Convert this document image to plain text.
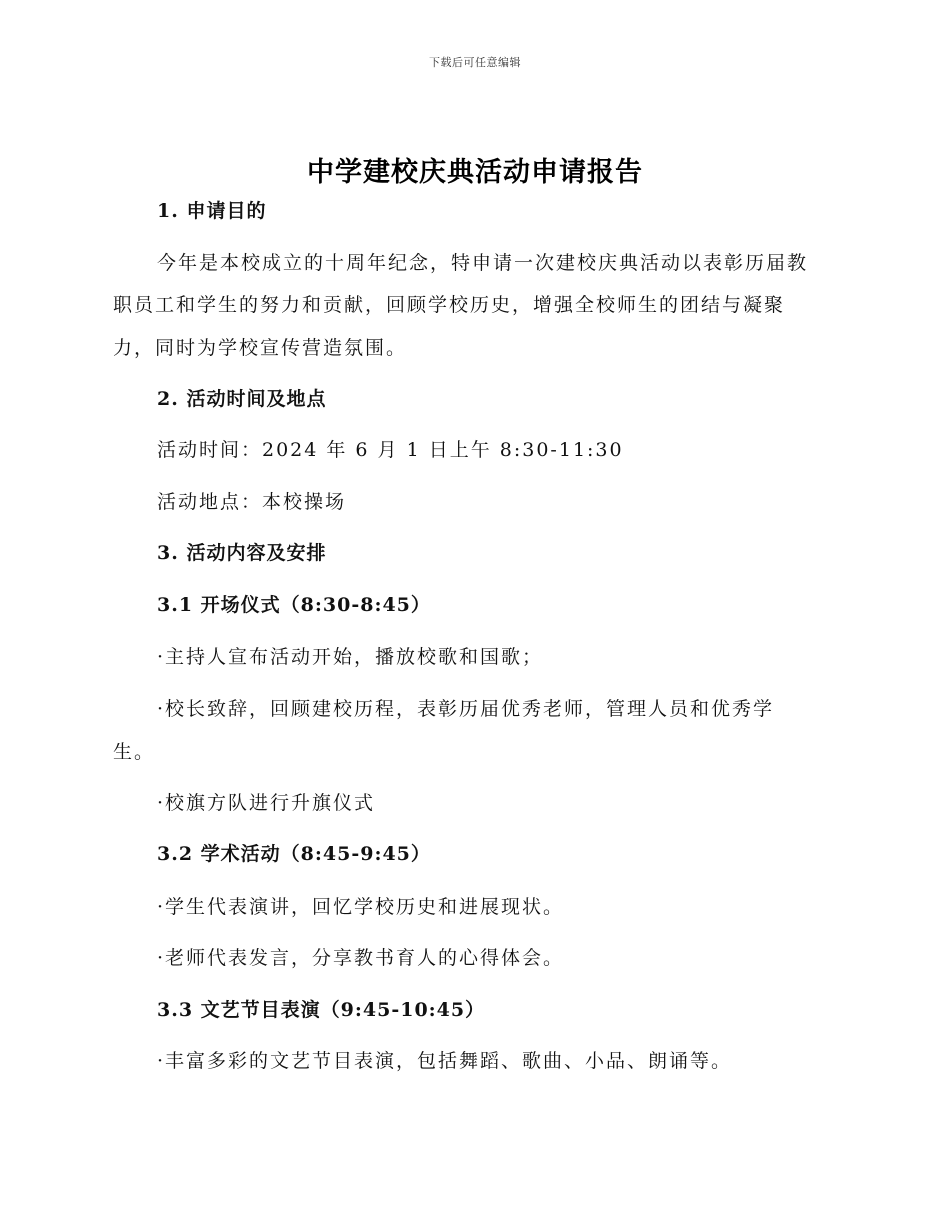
下载后可任意编辑
中学建校庆典活动申请报告
1. 申请目的
今年是本校成立的十周年纪念，特申请一次建校庆典活动以表彰历届教
职员工和学生的努力和贡献，回顾学校历史，增强全校师生的团结与凝聚
力，同时为学校宣传营造氛围。
2. 活动时间及地点
活动时间：2024 年 6 月 1 日上午 8:30-11:30
活动地点：本校操场
3. 活动内容及安排
3.1 开场仪式（8:30-8:45）
·主持人宣布活动开始，播放校歌和国歌；
·校长致辞，回顾建校历程，表彰历届优秀老师，管理人员和优秀学
生。
·校旗方队进行升旗仪式
3.2 学术活动（8:45-9:45）
·学生代表演讲，回忆学校历史和进展现状。
·老师代表发言，分享教书育人的心得体会。
3.3 文艺节目表演（9:45-10:45）
·丰富多彩的文艺节目表演，包括舞蹈、歌曲、小品、朗诵等。
